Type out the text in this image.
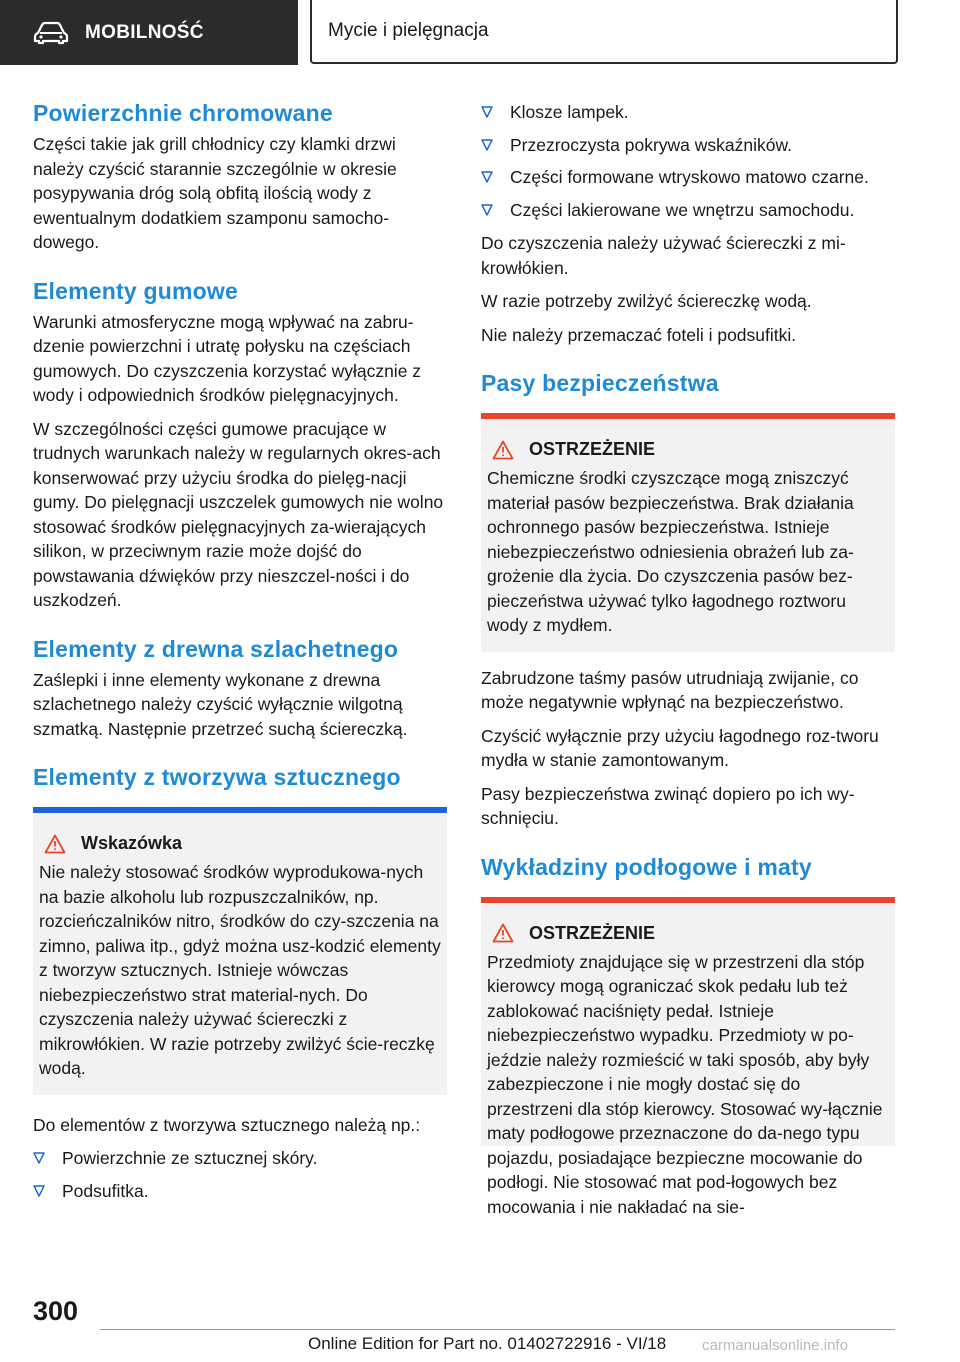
MOBILNOŚĆ	Mycie i pielęgnacja
Powierzchnie chromowane

Części takie jak grill chłodnicy czy klamki drzwi należy czyścić starannie szczególnie w okresie posypywania dróg solą obfitą ilością wody z ewentualnym dodatkiem szamponu samocho-dowego.

Elementy gumowe

Warunki atmosferyczne mogą wpływać na zabru-dzenie powierzchni i utratę połysku na częściach gumowych. Do czyszczenia korzystać wyłącznie z wody i odpowiednich środków pielęgnacyjnych.

W szczególności części gumowe pracujące w trudnych warunkach należy w regularnych okres-ach konserwować przy użyciu środka do pielęg-nacji gumy. Do pielęgnacji uszczelek gumowych nie wolno stosować środków pielęgnacyjnych za-wierających silikon, w przeciwnym razie może dojść do powstawania dźwięków przy nieszczel-ności i do uszkodzeń.

Elementy z drewna szlachetnego

Zaślepki i inne elementy wykonane z drewna szlachetnego należy czyścić wyłącznie wilgotną szmatką. Następnie przetrzeć suchą ściereczką.

Elementy z tworzywa sztucznego
Wskazówka

Nie należy stosować środków wyprodukowa-nych na bazie alkoholu lub rozpuszczalników, np. rozcieńczalników nitro, środków do czy-szczenia na zimno, paliwa itp., gdyż można usz-kodzić elementy z tworzyw sztucznych. Istnieje wówczas niebezpieczeństwo strat material-nych. Do czyszczenia należy używać ściereczki z mikrowłókien. W razie potrzeby zwilżyć ście-reczkę wodą.

Do elementów z tworzywa sztucznego należą np.:

Powierzchnie ze sztucznej skóry.
Podsufitka.
Klosze lampek.
Przezroczysta pokrywa wskaźników.
Części formowane wtryskowo matowo czarne.
Części lakierowane we wnętrzu samochodu.

Do czyszczenia należy używać ściereczki z mi-krowłókien.

W razie potrzeby zwilżyć ściereczkę wodą.

Nie należy przemaczać foteli i podsufitki.

Pasy bezpieczeństwa
OSTRZEŻENIE

Chemiczne środki czyszczące mogą zniszczyć materiał pasów bezpieczeństwa. Brak działania ochronnego pasów bezpieczeństwa. Istnieje niebezpieczeństwo odniesienia obrażeń lub za-grożenie dla życia. Do czyszczenia pasów bez-pieczeństwa używać tylko łagodnego roztworu wody z mydłem.

Zabrudzone taśmy pasów utrudniają zwijanie, co może negatywnie wpłynąć na bezpieczeństwo.

Czyścić wyłącznie przy użyciu łagodnego roz-tworu mydła w stanie zamontowanym.

Pasy bezpieczeństwa zwinąć dopiero po ich wy-schnięciu.

Wykładziny podłogowe i maty
OSTRZEŻENIE

Przedmioty znajdujące się w przestrzeni dla stóp kierowcy mogą ograniczać skok pedału lub też zablokować naciśnięty pedał. Istnieje niebezpieczeństwo wypadku. Przedmioty w po-jeździe należy rozmieścić w taki sposób, aby były zabezpieczone i nie mogły dostać się do przestrzeni dla stóp kierowcy. Stosować wy-łącznie maty podłogowe przeznaczone do da-nego typu pojazdu, posiadające bezpieczne mocowanie do podłogi. Nie stosować mat pod-łogowych bez mocowania i nie nakładać na sie-

300
Online Edition for Part no. 01402722916 - VI/18 carmanualsonline.info
